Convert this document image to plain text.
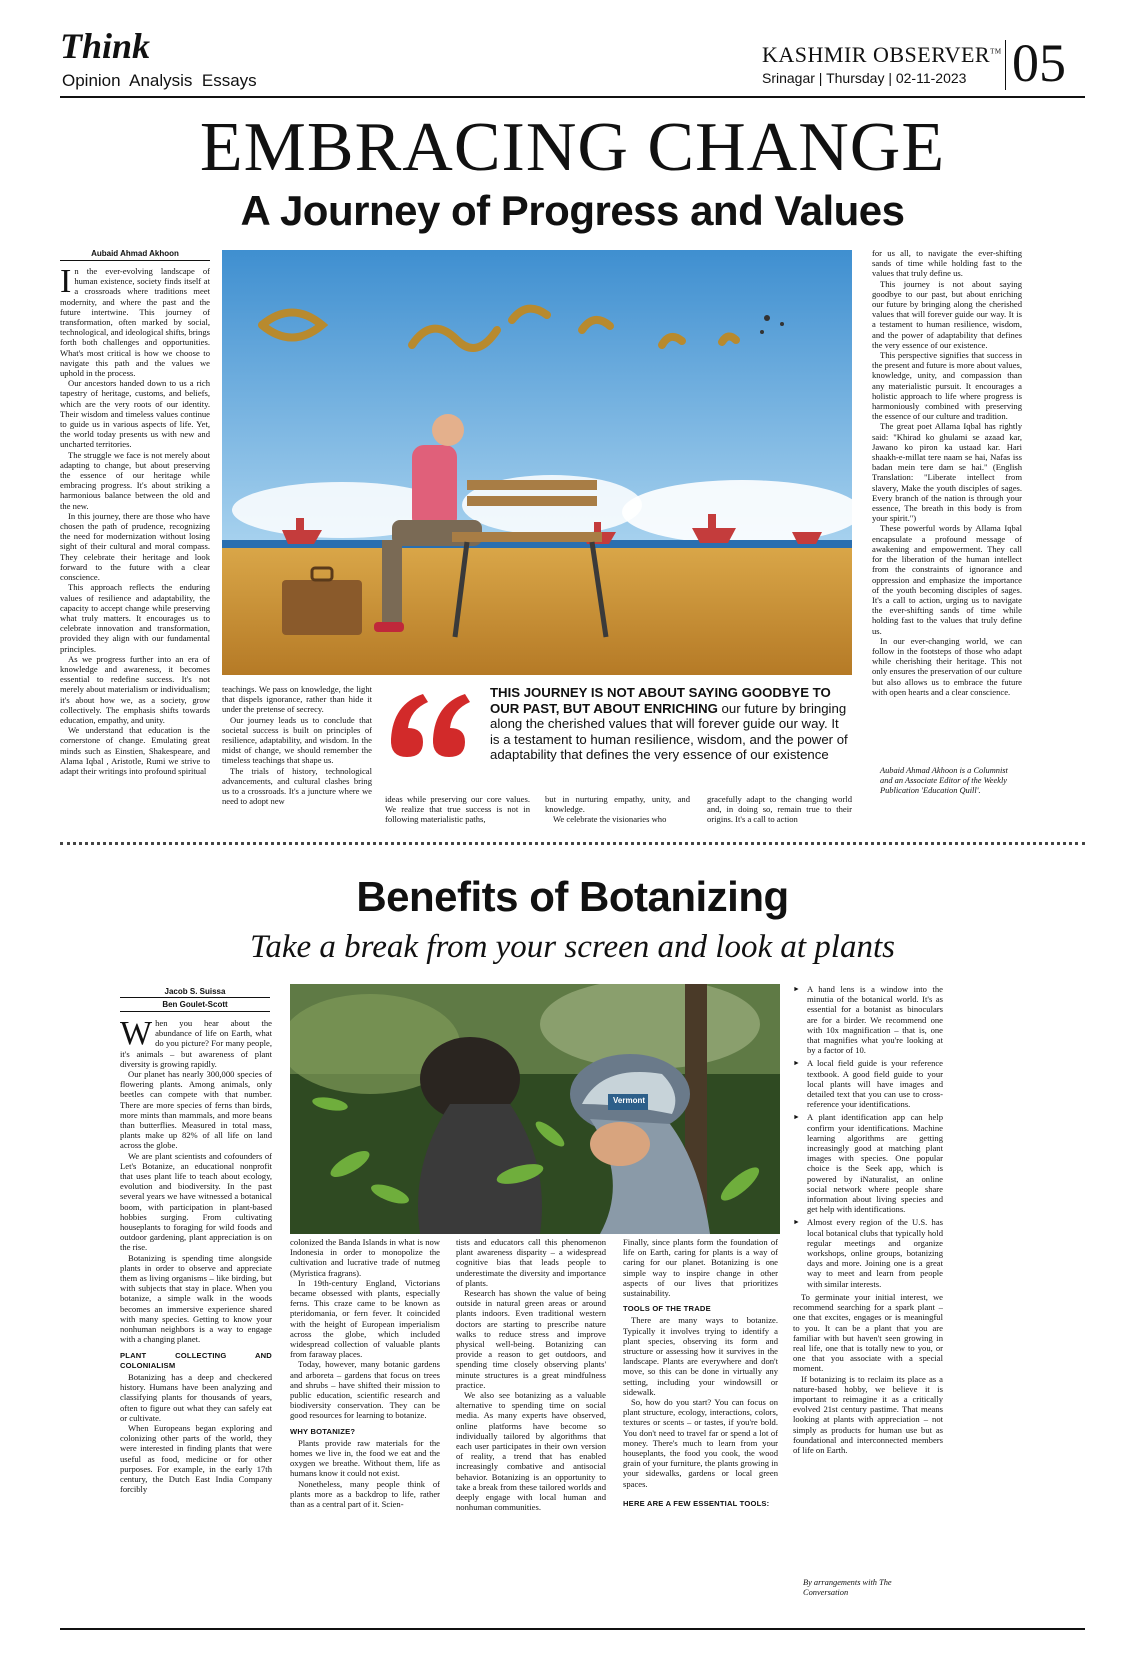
Think
Opinion  Analysis  Essays
KASHMIR OBSERVER™
Srinagar | Thursday | 02-11-2023 05
EMBRACING CHANGE
A Journey of Progress and Values
Aubaid Ahmad Akhoon
I n the ever-evolving landscape of human existence, society finds itself at a crossroads where traditions meet modernity, and where the past and the future intertwine. This journey of transformation, often marked by social, technological, and ideological shifts, brings forth both challenges and opportunities. What's most critical is how we choose to navigate this path and the values we uphold in the process.

Our ancestors handed down to us a rich tapestry of heritage, customs, and beliefs, which are the very roots of our identity. Their wisdom and timeless values continue to guide us in various aspects of life. Yet, the world today presents us with new and uncharted territories.

The struggle we face is not merely about adapting to change, but about preserving the essence of our heritage while embracing progress. It's about striking a harmonious balance between the old and the new.

In this journey, there are those who have chosen the path of prudence, recognizing the need for modernization without losing sight of their cultural and moral compass. They celebrate their heritage and look forward to the future with a clear conscience.

This approach reflects the enduring values of resilience and adaptability, the capacity to accept change while preserving what truly matters. It encourages us to celebrate innovation and transformation, provided they align with our fundamental principles.

As we progress further into an era of knowledge and awareness, it becomes essential to redefine success. It's not merely about materialism or individualism; it's about how we, as a society, grow collectively. The emphasis shifts towards education, empathy, and unity.

We understand that education is the cornerstone of change. Emulating great minds such as Einstien, Shakespeare, and Alama Iqbal , Aristotle, Rumi we strive to adapt their writings into profound spiritual

teachings. We pass on knowledge, the light that dispels ignorance, rather than hide it under the pretense of secrecy.

Our journey leads us to conclude that societal success is built on principles of resilience, adaptability, and wisdom. In the midst of change, we should remember the timeless teachings that shape us.

The trials of history, technological advancements, and cultural clashes bring us to a crossroads. It's a juncture where we need to adopt new

THIS JOURNEY IS NOT ABOUT SAYING GOODBYE TO OUR PAST, BUT ABOUT ENRICHING our future by bringing along the cherished values that will forever guide our way. It is a testament to human resilience, wisdom, and the power of adaptability that defines the very essence of our existence

ideas while preserving our core values. We realize that true success is not in following materialistic paths,

but in nurturing empathy, unity, and knowledge.

We celebrate the visionaries who

gracefully adapt to the changing world and, in doing so, remain true to their origins. It's a call to action

for us all, to navigate the ever-shifting sands of time while holding fast to the values that truly define us.

This journey is not about saying goodbye to our past, but about enriching our future by bringing along the cherished values that will forever guide our way. It is a testament to human resilience, wisdom, and the power of adaptability that defines the very essence of our existence.

This perspective signifies that success in the present and future is more about values, knowledge, unity, and compassion than any materialistic pursuit. It encourages a holistic approach to life where progress is harmoniously combined with preserving the essence of our culture and tradition.

The great poet Allama Iqbal has rightly said: "Khirad ko ghulami se azaad kar, Jawano ko piron ka ustaad kar. Hari shaakh-e-millat tere naam se hai, Nafas iss badan mein tere dam se hai." (English Translation: "Liberate intellect from slavery, Make the youth disciples of sages. Every branch of the nation is through your essence, The breath in this body is from your spirit.")

These powerful words by Allama Iqbal encapsulate a profound message of awakening and empowerment. They call for the liberation of the human intellect from the constraints of ignorance and oppression and emphasize the importance of the youth becoming disciples of sages. It's a call to action, urging us to navigate the ever-shifting sands of time while holding fast to the values that truly define us.

In our ever-changing world, we can follow in the footsteps of those who adapt while cherishing their heritage. This not only ensures the preservation of our culture but also allows us to embrace the future with open hearts and a clear conscience.

Aubaid Ahmad Akhoon is a Columnist and an Associate Editor of the Weekly Publication 'Education Quill'.
Benefits of Botanizing
Take a break from your screen and look at plants
Jacob S. Suissa
Ben Goulet-Scott
W hen you hear about the abundance of life on Earth, what do you picture? For many people, it's animals – but awareness of plant diversity is growing rapidly.

Our planet has nearly 300,000 species of flowering plants. Among animals, only beetles can compete with that number. There are more species of ferns than birds, more mints than mammals, and more beans than butterflies. Measured in total mass, plants make up 82% of all life on land across the globe.

We are plant scientists and cofounders of Let's Botanize, an educational nonprofit that uses plant life to teach about ecology, evolution and biodiversity. In the past several years we have witnessed a botanical boom, with participation in plant-based hobbies surging. From cultivating houseplants to foraging for wild foods and outdoor gardening, plant appreciation is on the rise.

Botanizing is spending time alongside plants in order to observe and appreciate them as living organisms – like birding, but with subjects that stay in place. When you botanize, a simple walk in the woods becomes an immersive experience shared with many species. Getting to know your nonhuman neighbors is a way to engage with a changing planet.

PLANT COLLECTING AND COLONIALISM

Botanizing has a deep and checkered history. Humans have been analyzing and classifying plants for thousands of years, often to figure out what they can safely eat or cultivate.

When Europeans began exploring and colonizing other parts of the world, they were interested in finding plants that were useful as food, medicine or for other purposes. For example, in the early 17th century, the Dutch East India Company forcibly

Vermont

colonized the Banda Islands in what is now Indonesia in order to monopolize the cultivation and lucrative trade of nutmeg (Myristica fragrans).

In 19th-century England, Victorians became obsessed with plants, especially ferns. This craze came to be known as pteridomania, or fern fever. It coincided with the height of European imperialism across the globe, which included widespread collection of valuable plants from faraway places.

Today, however, many botanic gardens and arboreta – gardens that focus on trees and shrubs – have shifted their mission to public education, scientific research and biodiversity conservation. They can be good resources for learning to botanize.

WHY BOTANIZE?

Plants provide raw materials for the homes we live in, the food we eat and the oxygen we breathe. Without them, life as humans know it could not exist.

Nonetheless, many people think of plants more as a backdrop to life, rather than as a central part of it. Scien-

tists and educators call this phenomenon plant awareness disparity – a widespread cognitive bias that leads people to underestimate the diversity and importance of plants.

Research has shown the value of being outside in natural green areas or around plants indoors. Even traditional western doctors are starting to prescribe nature walks to reduce stress and improve physical well-being. Botanizing can provide a reason to get outdoors, and spending time closely observing plants' minute structures is a great mindfulness practice.

We also see botanizing as a valuable alternative to spending time on social media. As many experts have observed, online platforms have become so individually tailored by algorithms that each user participates in their own version of reality, a trend that has enabled increasingly combative and antisocial behavior. Botanizing is an opportunity to take a break from these tailored worlds and deeply engage with local human and nonhuman communities.

Finally, since plants form the foundation of life on Earth, caring for plants is a way of caring for our planet. Botanizing is one simple way to inspire change in other aspects of our lives that prioritizes sustainability.

TOOLS OF THE TRADE

There are many ways to botanize. Typically it involves trying to identify a plant species, observing its form and structure or assessing how it survives in the landscape. Plants are everywhere and don't move, so this can be done in virtually any setting, including your windowsill or sidewalk.

So, how do you start? You can focus on plant structure, ecology, interactions, colors, textures or scents – or tastes, if you're bold. You don't need to travel far or spend a lot of money. There's much to learn from your houseplants, the food you cook, the wood grain of your furniture, the plants growing in your sidewalks, gardens or local green spaces.

HERE ARE A FEW ESSENTIAL TOOLS:
► A hand lens is a window into the minutia of the botanical world. It's as essential for a botanist as binoculars are for a birder. We recommend one with 10x magnification – that is, one that magnifies what you're looking at by a factor of 10.
► A local field guide is your reference textbook. A good field guide to your local plants will have images and detailed text that you can use to cross-reference your identifications.
► A plant identification app can help confirm your identifications. Machine learning algorithms are getting increasingly good at matching plant images with species. One popular choice is the Seek app, which is powered by iNaturalist, an online social network where people share information about living species and get help with identifications.
► Almost every region of the U.S. has local botanical clubs that typically hold regular meetings and organize workshops, online groups, botanizing days and more. Joining one is a great way to meet and learn from people with similar interests.

To germinate your initial interest, we recommend searching for a spark plant – one that excites, engages or is meaningful to you. It can be a plant that you are familiar with but haven't seen growing in real life, one that is totally new to you, or one that you associate with a special moment.

If botanizing is to reclaim its place as a nature-based hobby, we believe it is important to reimagine it as a critically evolved 21st century pastime. That means looking at plants with appreciation – not simply as products for human use but as foundational and interconnected members of life on Earth.

By arrangements with The Conversation
